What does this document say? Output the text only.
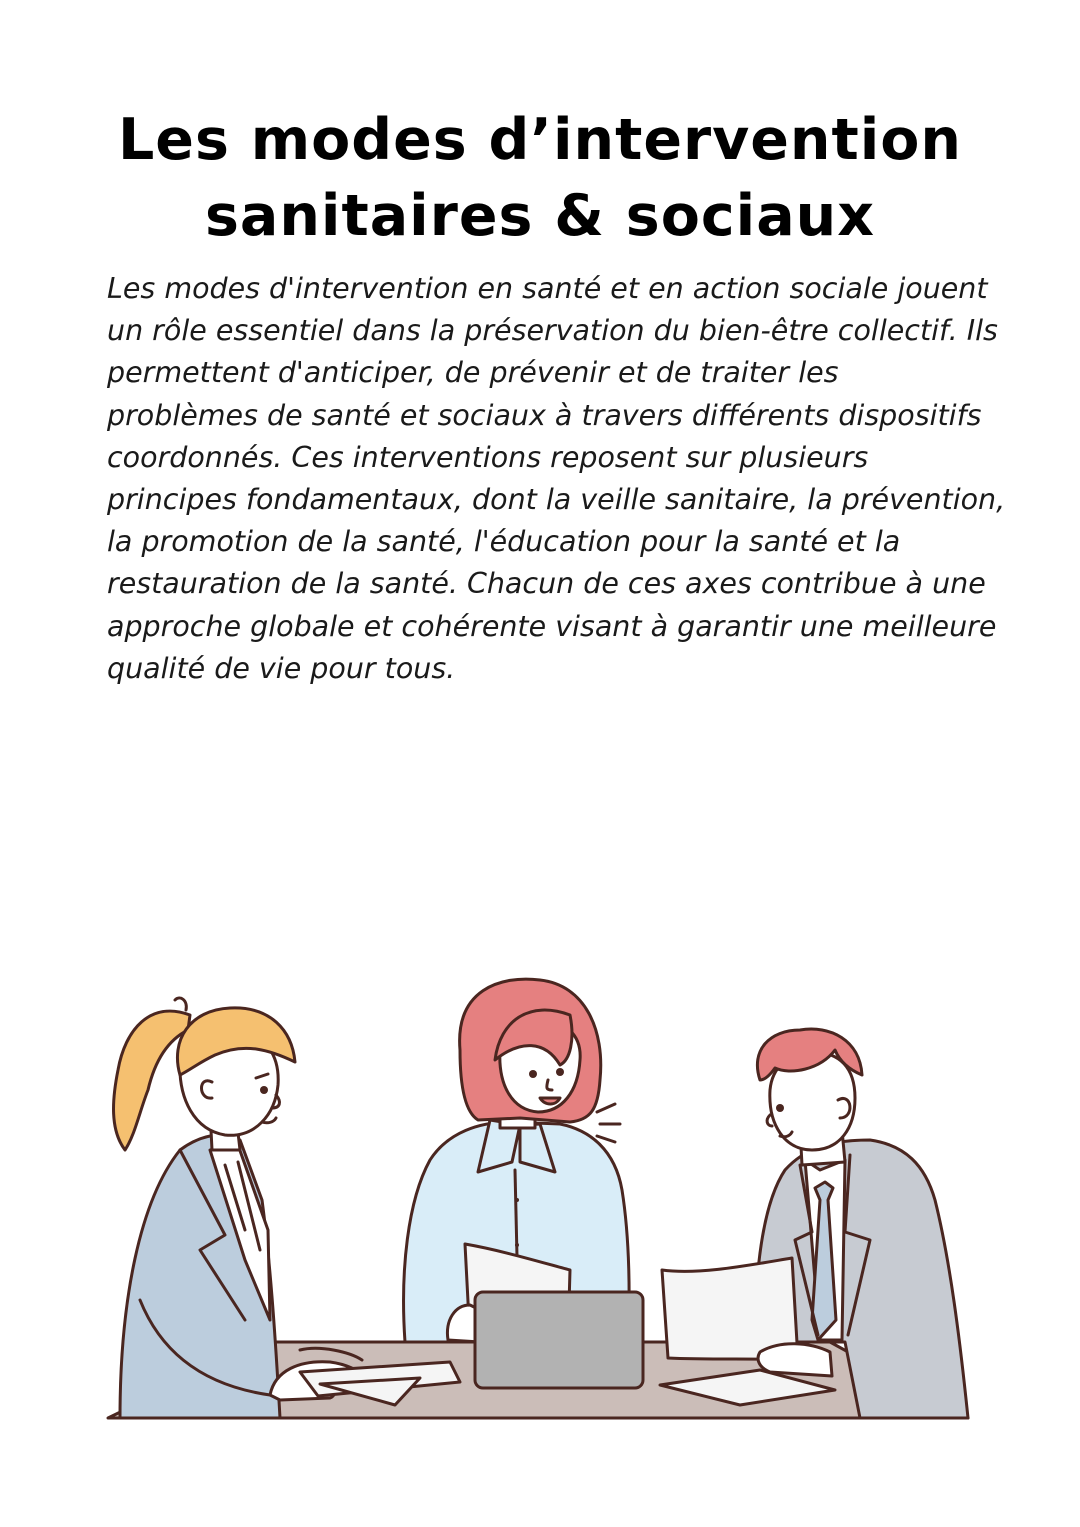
Les modes d’intervention
sanitaires & sociaux

Les modes d'intervention en santé et en action sociale jouent
un rôle essentiel dans la préservation du bien-être collectif. Ils
permettent d'anticiper, de prévenir et de traiter les
problèmes de santé et sociaux à travers différents dispositifs
coordonnés. Ces interventions reposent sur plusieurs
principes fondamentaux, dont la veille sanitaire, la prévention,
la promotion de la santé, l'éducation pour la santé et la
restauration de la santé. Chacun de ces axes contribue à une
approche globale et cohérente visant à garantir une meilleure
qualité de vie pour tous.
